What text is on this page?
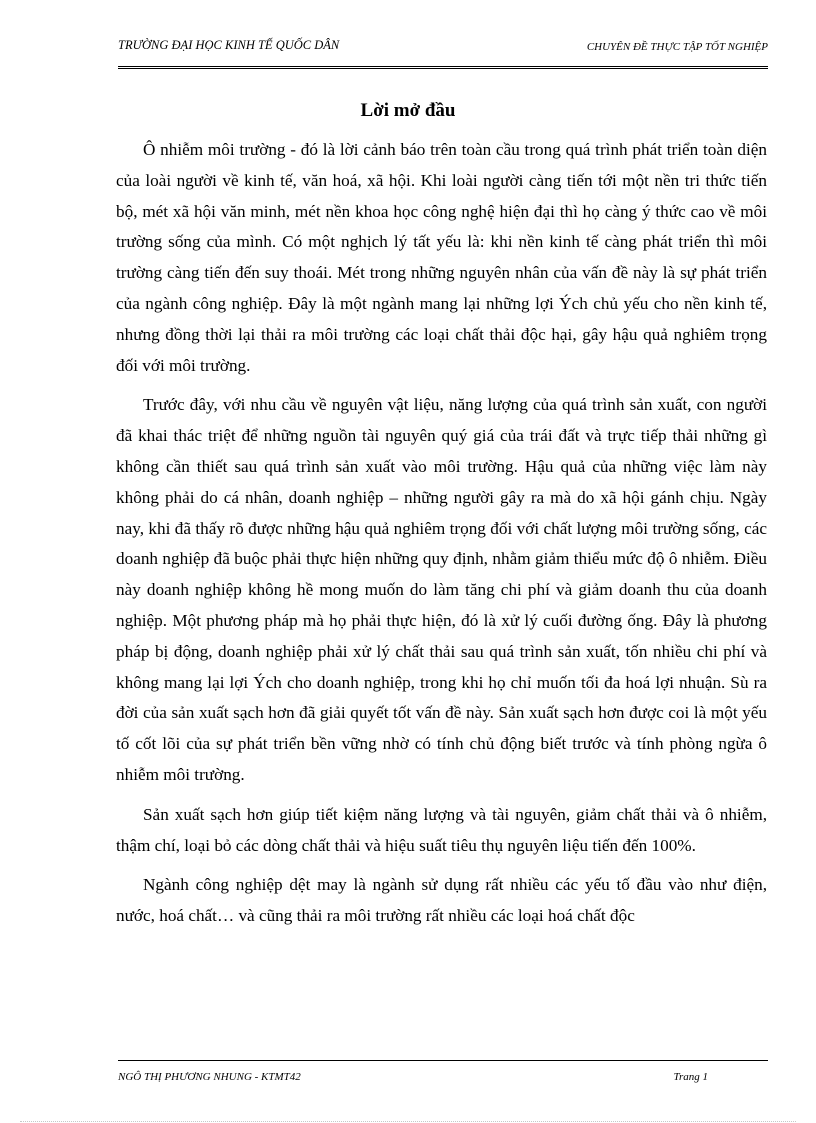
TRƯỜNG ĐẠI HỌC KINH TẾ QUỐC DÂN	CHUYÊN ĐỀ THỰC TẬP TỐT NGHIỆP
Lời mở đầu

Ô nhiễm môi trường - đó là lời cảnh báo trên toàn cầu trong quá trình phát triển toàn diện của loài người về kinh tế, văn hoá, xã hội. Khi loài người càng tiến tới một nền tri thức tiến bộ, mét xã hội văn minh, mét nền khoa học công nghệ hiện đại thì họ càng ý thức cao về môi trường sống của mình. Có một nghịch lý tất yếu là: khi nền kinh tế càng phát triển thì môi trường càng tiến đến suy thoái. Mét trong những nguyên nhân của vấn đề này là sự phát triển của ngành công nghiệp. Đây là một ngành mang lại những lợi Ých chủ yếu cho nền kinh tế, nhưng đồng thời lại thải ra môi trường các loại chất thải độc hại, gây hậu quả nghiêm trọng đối với môi trường.

Trước đây, với nhu cầu về nguyên vật liệu, năng lượng của quá trình sản xuất, con người đã khai thác triệt để những nguồn tài nguyên quý giá của trái đất và trực tiếp thải những gì không cần thiết sau quá trình sản xuất vào môi trường. Hậu quả của những việc làm này không phải do cá nhân, doanh nghiệp – những người gây ra mà do xã hội gánh chịu. Ngày nay, khi đã thấy rõ được những hậu quả nghiêm trọng đối với chất lượng môi trường sống, các doanh nghiệp đã buộc phải thực hiện những quy định, nhằm giảm thiểu mức độ ô nhiễm. Điều này doanh nghiệp không hề mong muốn do làm tăng chi phí và giảm doanh thu của doanh nghiệp. Một phương pháp mà họ phải thực hiện, đó là xử lý cuối đường ống. Đây là phương pháp bị động, doanh nghiệp phải xử lý chất thải sau quá trình sản xuất, tốn nhiều chi phí và không mang lại lợi Ých cho doanh nghiệp, trong khi họ chỉ muốn tối đa hoá lợi nhuận. Sù ra đời của sản xuất sạch hơn đã giải quyết tốt vấn đề này. Sản xuất sạch hơn được coi là một yếu tố cốt lõi của sự phát triển bền vững nhờ có tính chủ động biết trước và tính phòng ngừa ô nhiễm môi trường.

Sản xuất sạch hơn giúp tiết kiệm năng lượng và tài nguyên, giảm chất thải và ô nhiễm, thậm chí, loại bỏ các dòng chất thải và hiệu suất tiêu thụ nguyên liệu tiến đến 100%.

Ngành công nghiệp dệt may là ngành sử dụng rất nhiều các yếu tố đầu vào như điện, nước, hoá chất… và cũng thải ra môi trường rất nhiều các loại hoá chất độc

NGÔ THỊ PHƯƠNG NHUNG - KTMT42	Trang 1
